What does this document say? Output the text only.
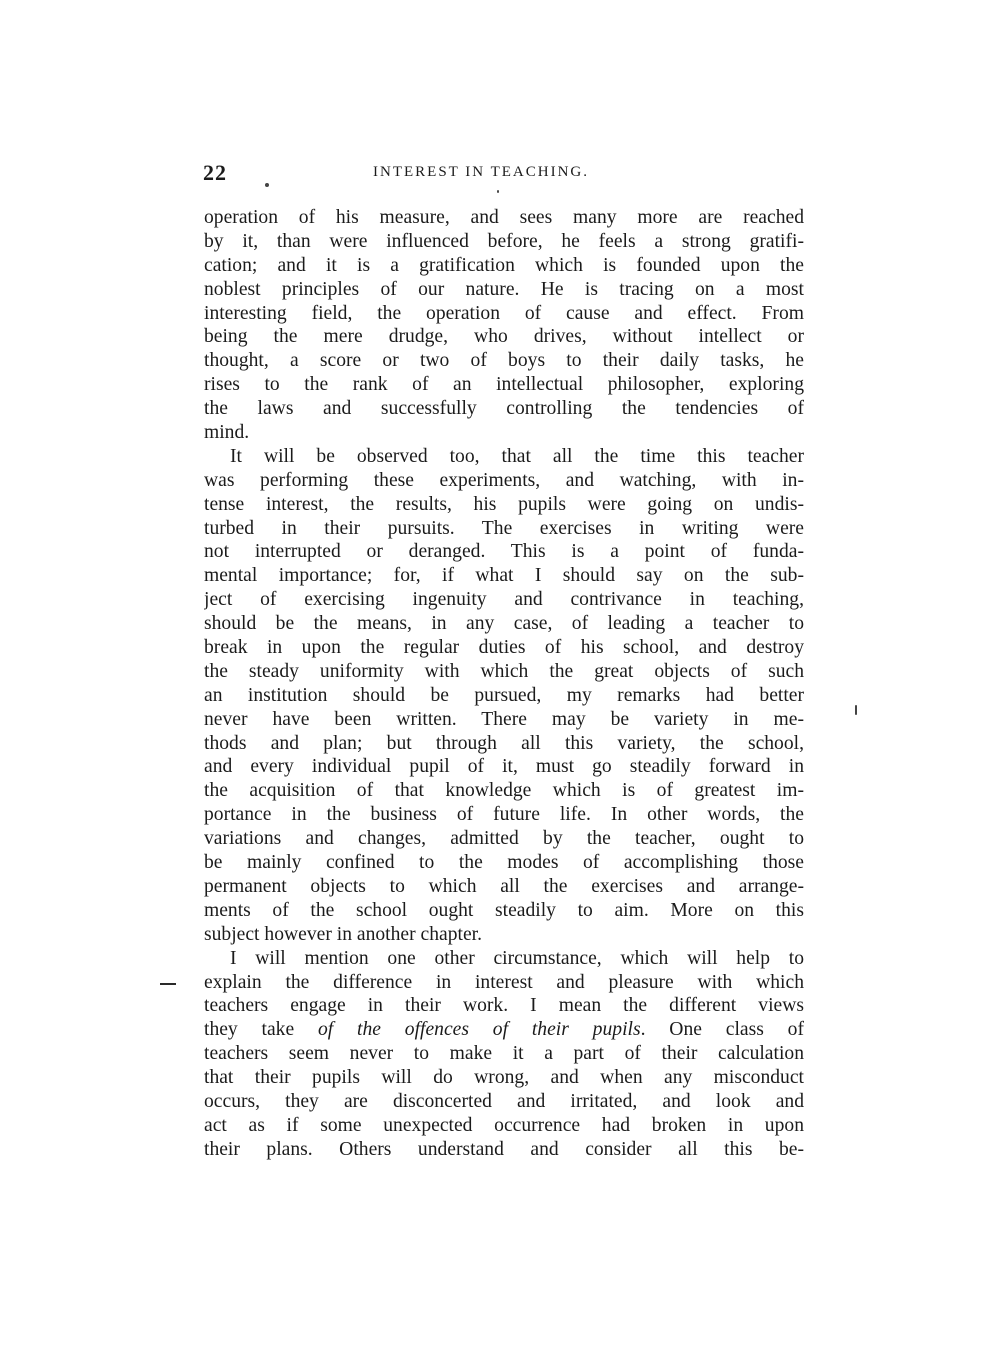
22	INTEREST IN TEACHING.
operation of his measure, and sees many more are reached
by it, than were influenced before, he feels a strong gratifi-
cation; and it is a gratification which is founded upon the
noblest principles of our nature. He is tracing on a most
interesting field, the operation of cause and effect. From
being the mere drudge, who drives, without intellect or
thought, a score or two of boys to their daily tasks, he
rises to the rank of an intellectual philosopher, exploring
the laws and successfully controlling the tendencies of
mind.
It will be observed too, that all the time this teacher
was performing these experiments, and watching, with in-
tense interest, the results, his pupils were going on undis-
turbed in their pursuits. The exercises in writing were
not interrupted or deranged. This is a point of funda-
mental importance; for, if what I should say on the sub-
ject of exercising ingenuity and contrivance in teaching,
should be the means, in any case, of leading a teacher to
break in upon the regular duties of his school, and destroy
the steady uniformity with which the great objects of such
an institution should be pursued, my remarks had better
never have been written. There may be variety in me-
thods and plan; but through all this variety, the school,
and every individual pupil of it, must go steadily forward in
the acquisition of that knowledge which is of greatest im-
portance in the business of future life. In other words, the
variations and changes, admitted by the teacher, ought to
be mainly confined to the modes of accomplishing those
permanent objects to which all the exercises and arrange-
ments of the school ought steadily to aim. More on this
subject however in another chapter.
I will mention one other circumstance, which will help to
explain the difference in interest and pleasure with which
teachers engage in their work. I mean the different views
they take of the offences of their pupils. One class of
teachers seem never to make it a part of their calculation
that their pupils will do wrong, and when any misconduct
occurs, they are disconcerted and irritated, and look and
act as if some unexpected occurrence had broken in upon
their plans. Others understand and consider all this be-
